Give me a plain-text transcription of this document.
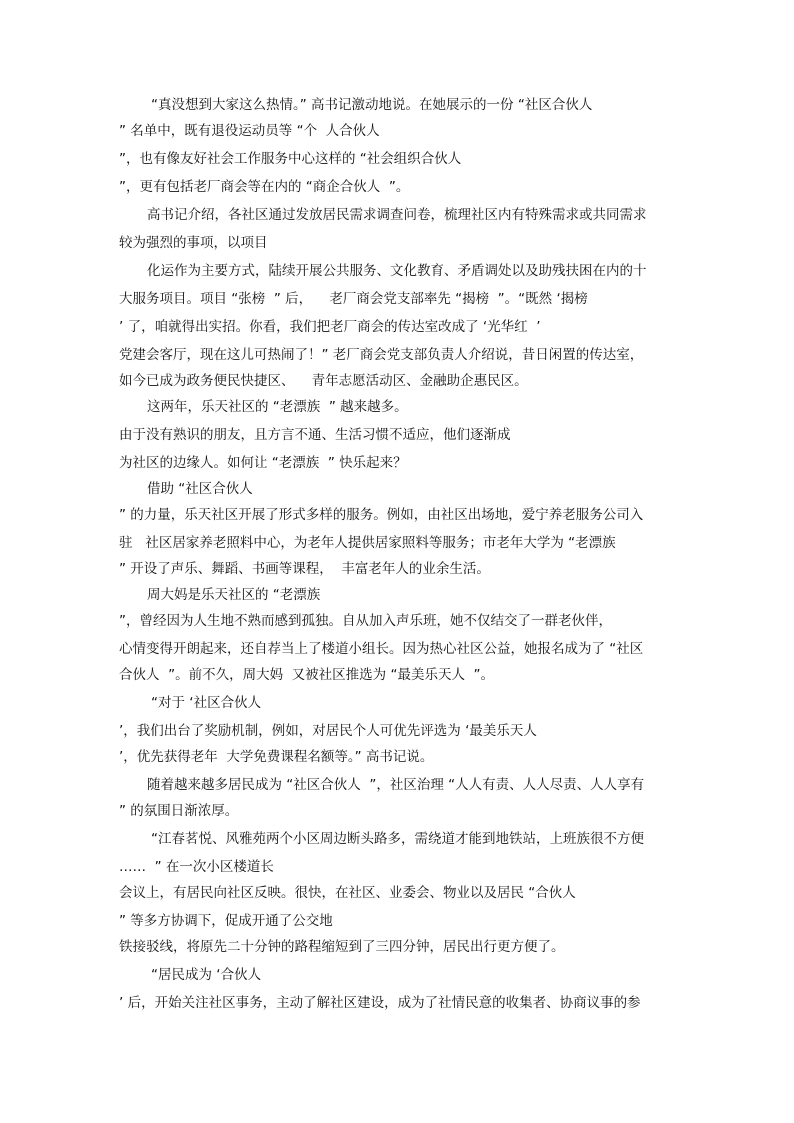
“真没想到大家这么热情。” 高书记激动地说。在她展示的一份 “社区合伙人
” 名单中，既有退役运动员等 “个  人合伙人
”，也有像友好社会工作服务中心这样的 “社会组织合伙人
”，更有包括老厂商会等在内的 “商企合伙人  ”。
高书记介绍，各社区通过发放居民需求调查问卷，梳理社区内有特殊需求或共同需求
较为强烈的事项，以项目
化运作为主要方式，陆续开展公共服务、文化教育、矛盾调处以及助残扶困在内的十
大服务项目。项目 “张榜  ” 后，    老厂商会党支部率先 “揭榜  ”。“既然 ‘揭榜
’ 了，咱就得出实招。你看，我们把老厂商会的传达室改成了 ‘光华红  ’
党建会客厅，现在这儿可热闹了！” 老厂商会党支部负责人介绍说，昔日闲置的传达室，
如今已成为政务便民快捷区、    青年志愿活动区、金融助企惠民区。
这两年，乐天社区的 “老漂族  ” 越来越多。
由于没有熟识的朋友，且方言不通、生活习惯不适应，他们逐渐成
为社区的边缘人。如何让 “老漂族  ” 快乐起来？
借助 “社区合伙人
” 的力量，乐天社区开展了形式多样的服务。例如，由社区出场地，爱宁养老服务公司入
驻   社区居家养老照料中心，为老年人提供居家照料等服务；市老年大学为 “老漂族
” 开设了声乐、舞蹈、书画等课程，  丰富老年人的业余生活。
周大妈是乐天社区的 “老漂族
”，曾经因为人生地不熟而感到孤独。自从加入声乐班，她不仅结交了一群老伙伴，
心情变得开朗起来，还自荐当上了楼道小组长。因为热心社区公益，她报名成为了 “社区
合伙人  ”。前不久，周大妈  又被社区推选为 “最美乐天人  ”。
“对于 ‘社区合伙人
’，我们出台了奖励机制，例如，对居民个人可优先评选为 ‘最美乐天人
’，优先获得老年  大学免费课程名额等。” 高书记说。
随着越来越多居民成为 “社区合伙人  ”，社区治理 “人人有责、人人尽责、人人享有
” 的氛围日渐浓厚。
“江春茗悦、风雅苑两个小区周边断头路多，需绕道才能到地铁站，上班族很不方便
……  ” 在一次小区楼道长
会议上，有居民向社区反映。很快，在社区、业委会、物业以及居民 “合伙人
” 等多方协调下，促成开通了公交地
铁接驳线，将原先二十分钟的路程缩短到了三四分钟，居民出行更方便了。
“居民成为 ‘合伙人
’ 后，开始关注社区事务，主动了解社区建设，成为了社情民意的收集者、协商议事的参
